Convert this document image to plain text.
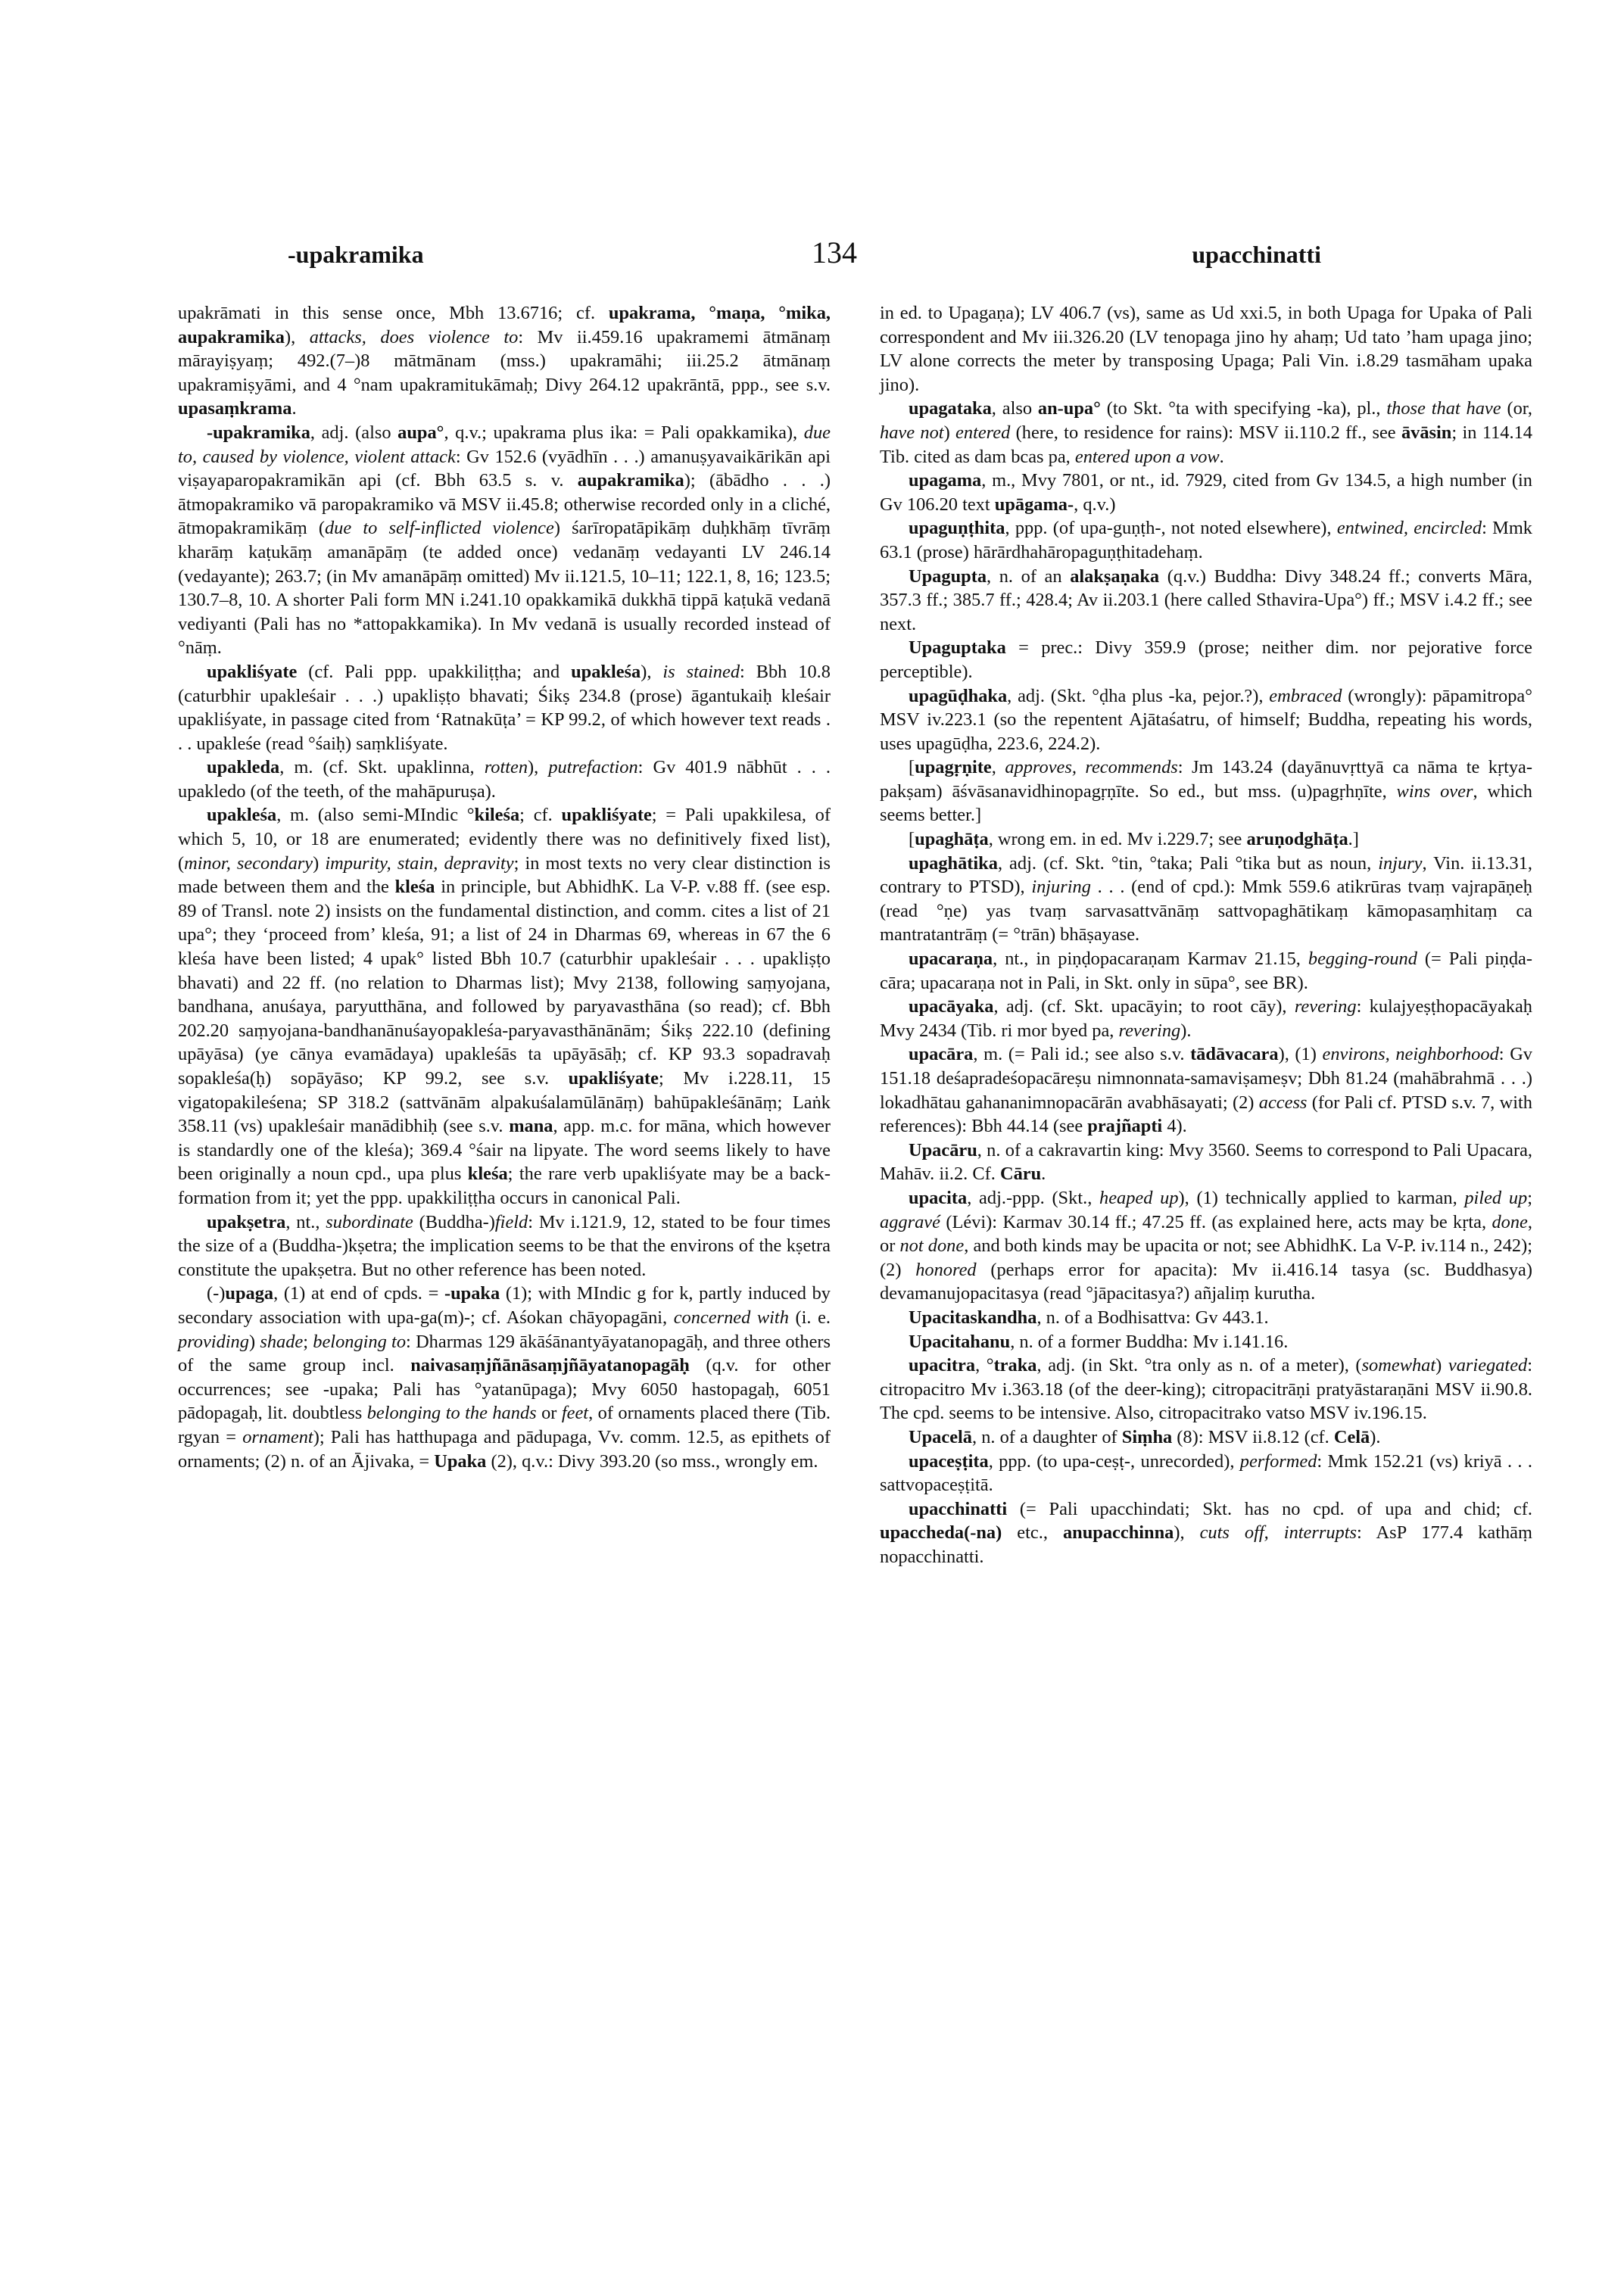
-upakramika	134	upacchinatti

upakrāmati in this sense once, Mbh 13.6716; cf. upakrama, °maṇa, °mika, aupakramika), attacks, does violence to: Mv ii.459.16 upakramemi ātmānaṃ mārayiṣyaṃ; 492.(7–)8 mātmānam (mss.) upakramāhi; iii.25.2 ātmānaṃ upakramiṣyāmi, and 4 °nam upakramitukāmaḥ; Divy 264.12 upakrāntā, ppp., see s.v. upasaṃkrama.

-upakramika, adj. (also aupa°, q.v.; upakrama plus ika: = Pali opakkamika), due to, caused by violence, violent attack: Gv 152.6 (vyādhīn . . .) amanuṣyavaikārikān api viṣayaparopakramikān api (cf. Bbh 63.5 s. v. aupakramika); (ābādho . . .) ātmopakramiko vā paropakramiko vā MSV ii.45.8; otherwise recorded only in a cliché, ātmopakramikāṃ (due to self-inflicted violence) śarīropatāpikāṃ duḥkhāṃ tīvrāṃ kharāṃ kaṭukāṃ amanāpāṃ (te added once) vedanāṃ vedayanti LV 246.14 (vedayante); 263.7; (in Mv amanāpāṃ omitted) Mv ii.121.5, 10–11; 122.1, 8, 16; 123.5; 130.7–8, 10. A shorter Pali form MN i.241.10 opakkamikā dukkhā tippā kaṭukā vedanā vediyanti (Pali has no *attopakkamika). In Mv vedanā is usually recorded instead of °nāṃ.

upakliśyate (cf. Pali ppp. upakkiliṭṭha; and upakleśa), is stained: Bbh 10.8 (caturbhir upakleśair . . .) upakliṣṭo bhavati; Śikṣ 234.8 (prose) āgantukaiḥ kleśair upakliśyate, in passage cited from ‘Ratnakūṭa’ = KP 99.2, of which however text reads . . . upakleśe (read °śaiḥ) saṃkliśyate.

upakleda, m. (cf. Skt. upaklinna, rotten), putrefaction: Gv 401.9 nābhūt . . . upakledo (of the teeth, of the mahāpuruṣa).

upakleśa, m. (also semi-MIndic °kileśa; cf. upakliśyate; = Pali upakkilesa, of which 5, 10, or 18 are enumerated; evidently there was no definitively fixed list), (minor, secondary) impurity, stain, depravity; in most texts no very clear distinction is made between them and the kleśa in principle, but AbhidhK. La V-P. v.88 ff. (see esp. 89 of Transl. note 2) insists on the fundamental distinction, and comm. cites a list of 21 upa°; they ‘proceed from’ kleśa, 91; a list of 24 in Dharmas 69, whereas in 67 the 6 kleśa have been listed; 4 upak° listed Bbh 10.7 (caturbhir upakleśair . . . upakliṣṭo bhavati) and 22 ff. (no relation to Dharmas list); Mvy 2138, following saṃyojana, bandhana, anuśaya, paryutthāna, and followed by paryavasthāna (so read); cf. Bbh 202.20 saṃyojana-bandhanānuśayopakleśa-paryavasthānānām; Śikṣ 222.10 (defining upāyāsa) (ye cānya evamādaya) upakleśās ta upāyāsāḥ; cf. KP 93.3 sopadravaḥ sopakleśa(ḥ) sopāyāso; KP 99.2, see s.v. upakliśyate; Mv i.228.11, 15 vigatopakileśena; SP 318.2 (sattvānām alpakuśalamūlānāṃ) bahūpakleśānāṃ; Laṅk 358.11 (vs) upakleśair manādibhiḥ (see s.v. mana, app. m.c. for māna, which however is standardly one of the kleśa); 369.4 °śair na lipyate. The word seems likely to have been originally a noun cpd., upa plus kleśa; the rare verb upakliśyate may be a back-formation from it; yet the ppp. upakkiliṭṭha occurs in canonical Pali.

upakṣetra, nt., subordinate (Buddha-)field: Mv i.121.9, 12, stated to be four times the size of a (Buddha-)kṣetra; the implication seems to be that the environs of the kṣetra constitute the upakṣetra. But no other reference has been noted.

(-)upaga, (1) at end of cpds. = -upaka (1); with MIndic g for k, partly induced by secondary association with upa-ga(m)-; cf. Aśokan chāyopagāni, concerned with (i. e. providing) shade; belonging to: Dharmas 129 ākāśānantyāyatanopagāḥ, and three others of the same group incl. naivasaṃjñānāsaṃjñāyatanopagāḥ (q.v. for other occurrences; see -upaka; Pali has °yatanūpaga); Mvy 6050 hastopagaḥ, 6051 pādopagaḥ, lit. doubtless belonging to the hands or feet, of ornaments placed there (Tib. rgyan = ornament); Pali has hatthupaga and pādupaga, Vv. comm. 12.5, as epithets of ornaments; (2) n. of an Ājivaka, = Upaka (2), q.v.: Divy 393.20 (so mss., wrongly em.

in ed. to Upagaṇa); LV 406.7 (vs), same as Ud xxi.5, in both Upaga for Upaka of Pali correspondent and Mv iii.326.20 (LV tenopaga jino hy ahaṃ; Ud tato ’ham upaga jino; LV alone corrects the meter by transposing Upaga; Pali Vin. i.8.29 tasmāham upaka jino).

upagataka, also an-upa° (to Skt. °ta with specifying -ka), pl., those that have (or, have not) entered (here, to residence for rains): MSV ii.110.2 ff., see āvāsin; in 114.14 Tib. cited as dam bcas pa, entered upon a vow.

upagama, m., Mvy 7801, or nt., id. 7929, cited from Gv 134.5, a high number (in Gv 106.20 text upāgama-, q.v.)

upaguṇṭhita, ppp. (of upa-guṇṭh-, not noted elsewhere), entwined, encircled: Mmk 63.1 (prose) hārārdhahāropaguṇṭhitadehaṃ.

Upagupta, n. of an alakṣaṇaka (q.v.) Buddha: Divy 348.24 ff.; converts Māra, 357.3 ff.; 385.7 ff.; 428.4; Av ii.203.1 (here called Sthavira-Upa°) ff.; MSV i.4.2 ff.; see next.

Upaguptaka = prec.: Divy 359.9 (prose; neither dim. nor pejorative force perceptible).

upagūḍhaka, adj. (Skt. °ḍha plus -ka, pejor.?), embraced (wrongly): pāpamitropa° MSV iv.223.1 (so the repentent Ajātaśatru, of himself; Buddha, repeating his words, uses upagūḍha, 223.6, 224.2).

[upagṛṇite, approves, recommends: Jm 143.24 (dayānuvṛttyā ca nāma te kṛtya-pakṣam) āśvāsanavidhinopagṛṇīte. So ed., but mss. (u)pagṛhṇīte, wins over, which seems better.]

[upaghāṭa, wrong em. in ed. Mv i.229.7; see aruṇodghāṭa.]

upaghātika, adj. (cf. Skt. °tin, °taka; Pali °tika but as noun, injury, Vin. ii.13.31, contrary to PTSD), injuring . . . (end of cpd.): Mmk 559.6 atikrūras tvaṃ vajrapāṇeḥ (read °ṇe) yas tvaṃ sarvasattvānāṃ sattvopaghātikaṃ kāmopasaṃhitaṃ ca mantratantrāṃ (= °trān) bhāṣayase.

upacaraṇa, nt., in piṇḍopacaraṇam Karmav 21.15, begging-round (= Pali piṇḍa-cāra; upacaraṇa not in Pali, in Skt. only in sūpa°, see BR).

upacāyaka, adj. (cf. Skt. upacāyin; to root cāy), revering: kulajyeṣṭhopacāyakaḥ Mvy 2434 (Tib. ri mor byed pa, revering).

upacāra, m. (= Pali id.; see also s.v. tādāvacara), (1) environs, neighborhood: Gv 151.18 deśapradeśopacāreṣu nimnonnata-samaviṣameṣv; Dbh 81.24 (mahābrahmā . . .) lokadhātau gahananimnopacārān avabhāsayati; (2) access (for Pali cf. PTSD s.v. 7, with references): Bbh 44.14 (see prajñapti 4).

Upacāru, n. of a cakravartin king: Mvy 3560. Seems to correspond to Pali Upacara, Mahāv. ii.2. Cf. Cāru.

upacita, adj.-ppp. (Skt., heaped up), (1) technically applied to karman, piled up; aggravé (Lévi): Karmav 30.14 ff.; 47.25 ff. (as explained here, acts may be kṛta, done, or not done, and both kinds may be upacita or not; see AbhidhK. La V-P. iv.114 n., 242); (2) honored (perhaps error for apacita): Mv ii.416.14 tasya (sc. Buddhasya) devamanujopacitasya (read °jāpacitasya?) añjaliṃ kurutha.

Upacitaskandha, n. of a Bodhisattva: Gv 443.1.

Upacitahanu, n. of a former Buddha: Mv i.141.16.

upacitra, °traka, adj. (in Skt. °tra only as n. of a meter), (somewhat) variegated: citropacitro Mv i.363.18 (of the deer-king); citropacitrāṇi pratyāstaraṇāni MSV ii.90.8. The cpd. seems to be intensive. Also, citropacitrako vatso MSV iv.196.15.

Upacelā, n. of a daughter of Siṃha (8): MSV ii.8.12 (cf. Celā).

upaceṣṭita, ppp. (to upa-ceṣṭ-, unrecorded), performed: Mmk 152.21 (vs) kriyā . . . sattvopaceṣṭitā.

upacchinatti (= Pali upacchindati; Skt. has no cpd. of upa and chid; cf. upaccheda(-na) etc., anupacchinna), cuts off, interrupts: AsP 177.4 kathāṃ nopacchinatti.
